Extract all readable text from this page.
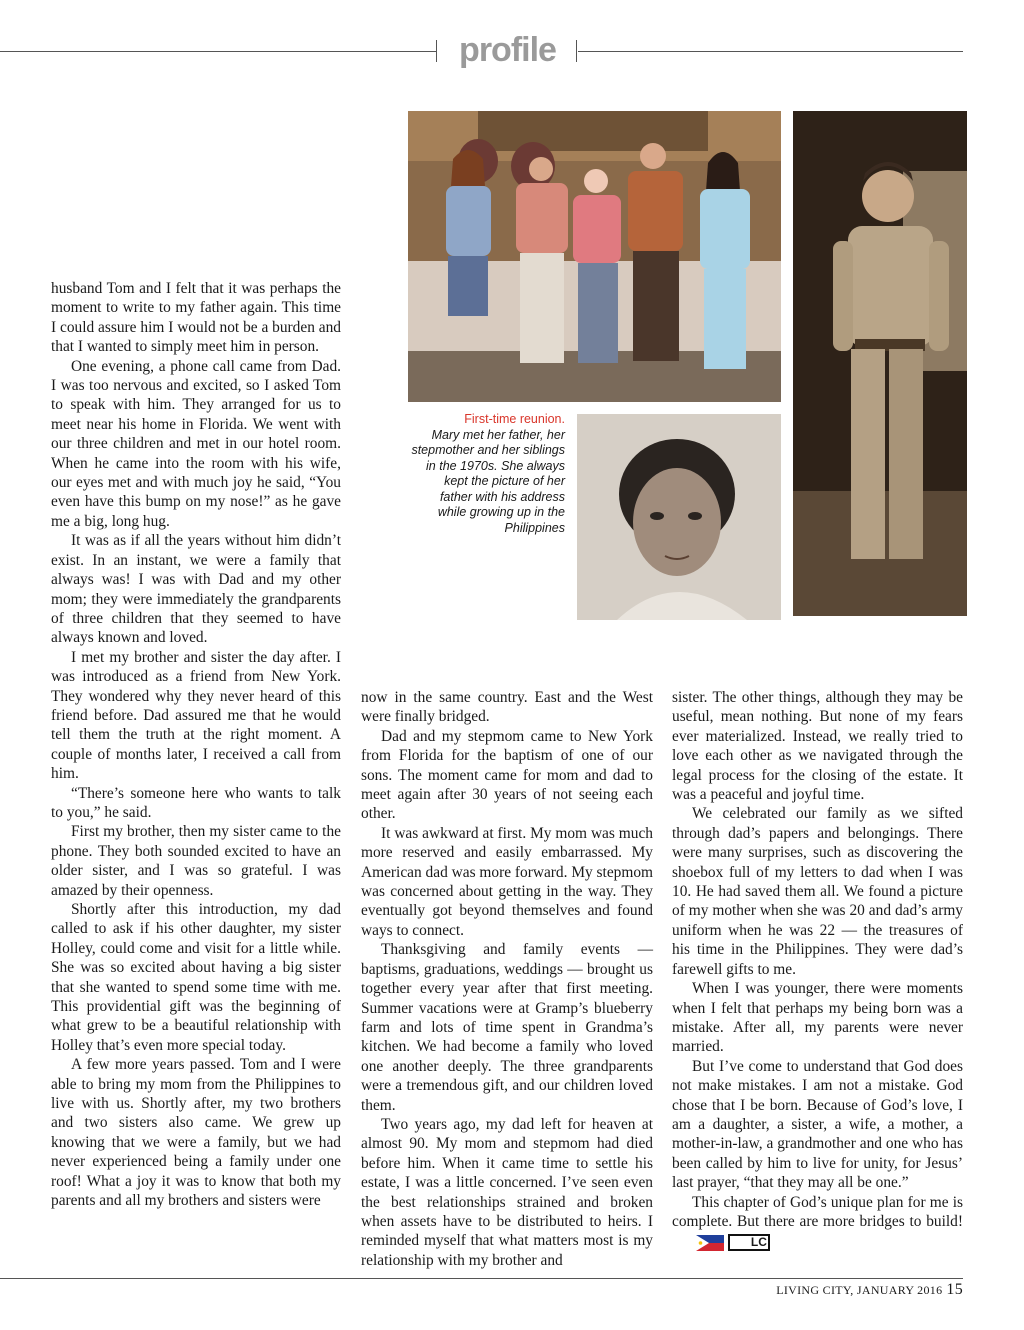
profile
First-time reunion.
Mary met her father, her stepmother and her siblings in the 1970s. She always kept the picture of her father with his address while growing up in the Philippines

husband Tom and I felt that it was perhaps the moment to write to my father again. This time I could assure him I would not be a burden and that I wanted to simply meet him in person.

One evening, a phone call came from Dad. I was too nervous and excited, so I asked Tom to speak with him. They arranged for us to meet near his home in Florida. We went with our three children and met in our hotel room. When he came into the room with his wife, our eyes met and with much joy he said, “You even have this bump on my nose!” as he gave me a big, long hug.

It was as if all the years without him didn’t exist. In an instant, we were a family that always was! I was with Dad and my other mom; they were immediately the grandparents of three children that they seemed to have always known and loved.

I met my brother and sister the day after. I was introduced as a friend from New York. They wondered why they never heard of this friend before. Dad assured me that he would tell them the truth at the right moment. A couple of months later, I received a call from him.

“There’s someone here who wants to talk to you,” he said.

First my brother, then my sister came to the phone. They both sounded excited to have an older sister, and I was so grateful. I was amazed by their openness.

Shortly after this introduction, my dad called to ask if his other daughter, my sister Holley, could come and visit for a little while. She was so excited about having a big sister that she wanted to spend some time with me. This providential gift was the beginning of what grew to be a beautiful relationship with Holley that’s even more special today.

A few more years passed. Tom and I were able to bring my mom from the Philippines to live with us. Shortly after, my two brothers and two sisters also came. We grew up knowing that we were a family, but we had never experienced being a family under one roof! What a joy it was to know that both my parents and all my brothers and sisters were

now in the same country. East and the West were finally bridged.

Dad and my stepmom came to New York from Florida for the baptism of one of our sons. The moment came for mom and dad to meet again after 30 years of not seeing each other.

It was awkward at first. My mom was much more reserved and easily embarrassed. My American dad was more forward. My stepmom was concerned about getting in the way. They eventually got beyond themselves and found ways to connect.

Thanksgiving and family events — baptisms, graduations, weddings — brought us together every year after that first meeting. Summer vacations were at Gramp’s blueberry farm and lots of time spent in Grandma’s kitchen. We had become a family who loved one another deeply. The three grandparents were a tremendous gift, and our children loved them.

Two years ago, my dad left for heaven at almost 90. My mom and stepmom had died before him. When it came time to settle his estate, I was a little concerned. I’ve seen even the best relationships strained and broken when assets have to be distributed to heirs. I reminded myself that what matters most is my relationship with my brother and

sister. The other things, although they may be useful, mean nothing. But none of my fears ever materialized. Instead, we really tried to love each other as we navigated through the legal process for the closing of the estate. It was a peaceful and joyful time.

We celebrated our family as we sifted through dad’s papers and belongings. There were many surprises, such as discovering the shoebox full of my letters to dad when I was 10. He had saved them all. We found a picture of my mother when she was 20 and dad’s army uniform when he was 22 — the treasures of his time in the Philippines. They were dad’s farewell gifts to me.

When I was younger, there were moments when I felt that perhaps my being born was a mistake. After all, my parents were never married.

But I’ve come to understand that God does not make mistakes. I am not a mistake. God chose that I be born. Because of God’s love, I am a daughter, a sister, a wife, a mother, a mother-in-law, a grandmother and one who has been called by him to live for unity, for Jesus’ last prayer, “that they may all be one.”

This chapter of God’s unique plan for me is complete. But there are more bridges to build! LC

LIVING CITY, JANUARY 2016 15
